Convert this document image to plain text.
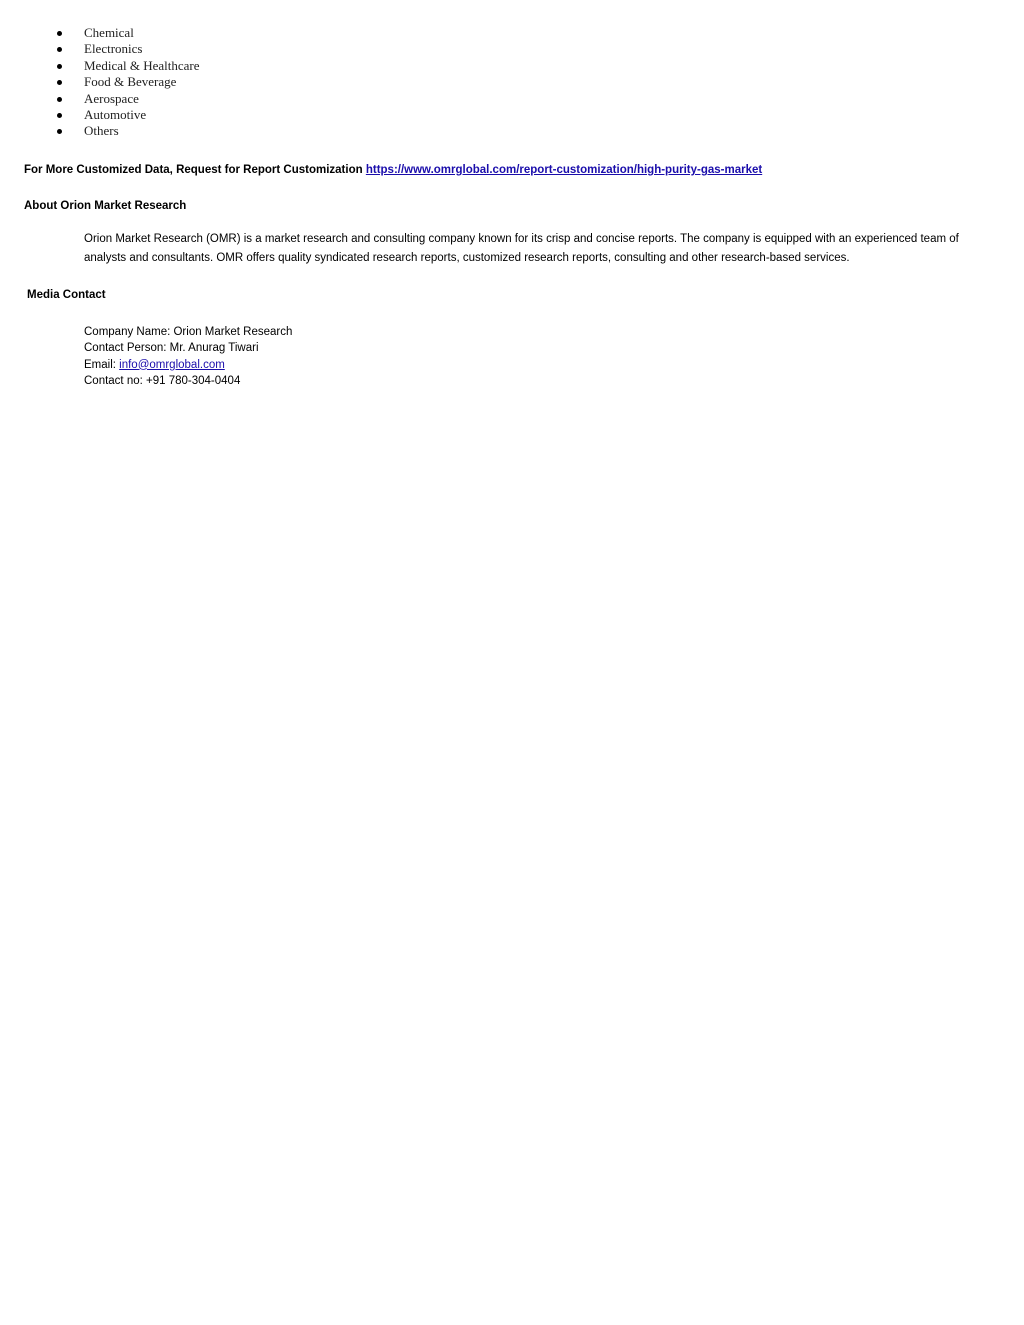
Chemical
Electronics
Medical & Healthcare
Food & Beverage
Aerospace
Automotive
Others
For More Customized Data, Request for Report Customization https://www.omrglobal.com/report-customization/high-purity-gas-market
About Orion Market Research
Orion Market Research (OMR) is a market research and consulting company known for its crisp and concise reports. The company is equipped with an experienced team of analysts and consultants. OMR offers quality syndicated research reports, customized research reports, consulting and other research-based services.
Media Contact
Company Name: Orion Market Research
Contact Person: Mr. Anurag Tiwari
Email: info@omrglobal.com
Contact no: +91 780-304-0404
